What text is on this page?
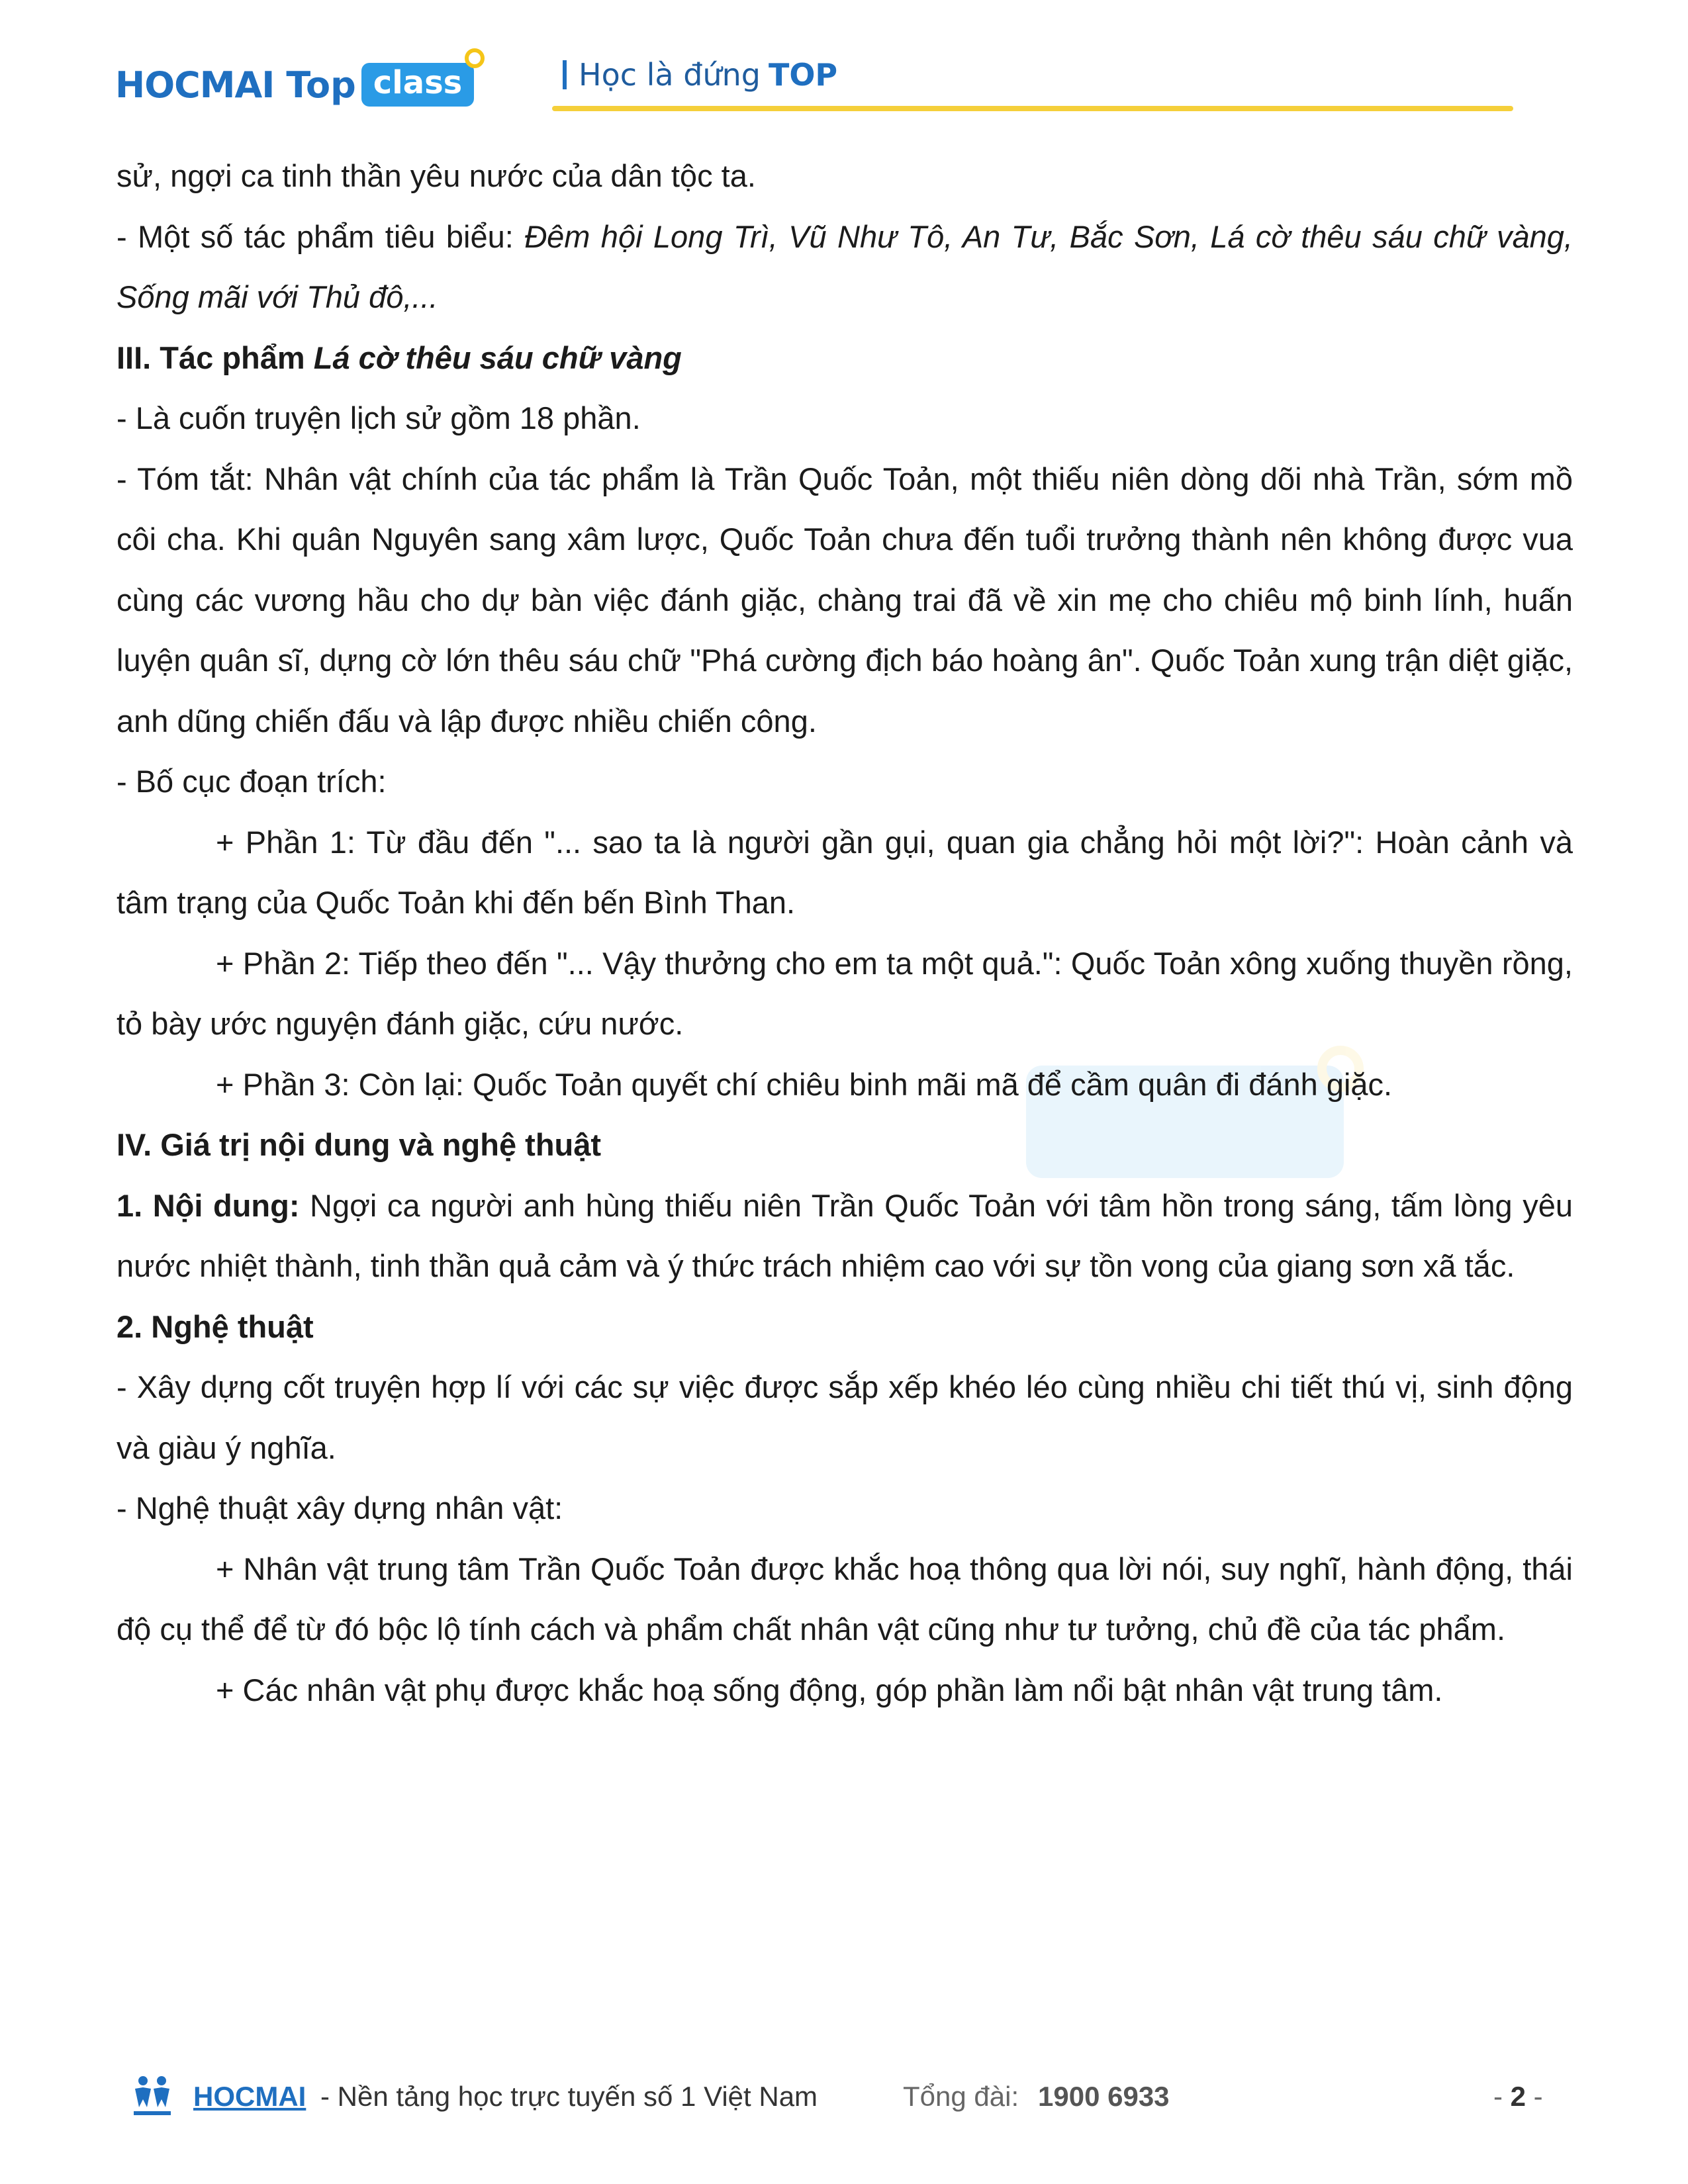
HOCMAI Top class	Học là đứng TOP

sử, ngợi ca tinh thần yêu nước của dân tộc ta.

- Một số tác phẩm tiêu biểu: Đêm hội Long Trì, Vũ Như Tô, An Tư, Bắc Sơn, Lá cờ thêu sáu chữ vàng, Sống mãi với Thủ đô,...

III. Tác phẩm Lá cờ thêu sáu chữ vàng

- Là cuốn truyện lịch sử gồm 18 phần.

- Tóm tắt: Nhân vật chính của tác phẩm là Trần Quốc Toản, một thiếu niên dòng dõi nhà Trần, sớm mồ côi cha. Khi quân Nguyên sang xâm lược, Quốc Toản chưa đến tuổi trưởng thành nên không được vua cùng các vương hầu cho dự bàn việc đánh giặc, chàng trai đã về xin mẹ cho chiêu mộ binh lính, huấn luyện quân sĩ, dựng cờ lớn thêu sáu chữ "Phá cường địch báo hoàng ân". Quốc Toản xung trận diệt giặc, anh dũng chiến đấu và lập được nhiều chiến công.

- Bố cục đoạn trích:

+ Phần 1: Từ đầu đến "... sao ta là người gần gụi, quan gia chẳng hỏi một lời?": Hoàn cảnh và tâm trạng của Quốc Toản khi đến bến Bình Than.

+ Phần 2: Tiếp theo đến "... Vậy thưởng cho em ta một quả.": Quốc Toản xông xuống thuyền rồng, tỏ bày ước nguyện đánh giặc, cứu nước.

+ Phần 3: Còn lại: Quốc Toản quyết chí chiêu binh mãi mã để cầm quân đi đánh giặc.

IV. Giá trị nội dung và nghệ thuật

1. Nội dung: Ngợi ca người anh hùng thiếu niên Trần Quốc Toản với tâm hồn trong sáng, tấm lòng yêu nước nhiệt thành, tinh thần quả cảm và ý thức trách nhiệm cao với sự tồn vong của giang sơn xã tắc.

2. Nghệ thuật

- Xây dựng cốt truyện hợp lí với các sự việc được sắp xếp khéo léo cùng nhiều chi tiết thú vị, sinh động và giàu ý nghĩa.

- Nghệ thuật xây dựng nhân vật:

+ Nhân vật trung tâm Trần Quốc Toản được khắc hoạ thông qua lời nói, suy nghĩ, hành động, thái độ cụ thể để từ đó bộc lộ tính cách và phẩm chất nhân vật cũng như tư tưởng, chủ đề của tác phẩm.

+ Các nhân vật phụ được khắc hoạ sống động, góp phần làm nổi bật nhân vật trung tâm.

HOCMAI - Nền tảng học trực tuyến số 1 Việt Nam	Tổng đài: 1900 6933	- 2 -
